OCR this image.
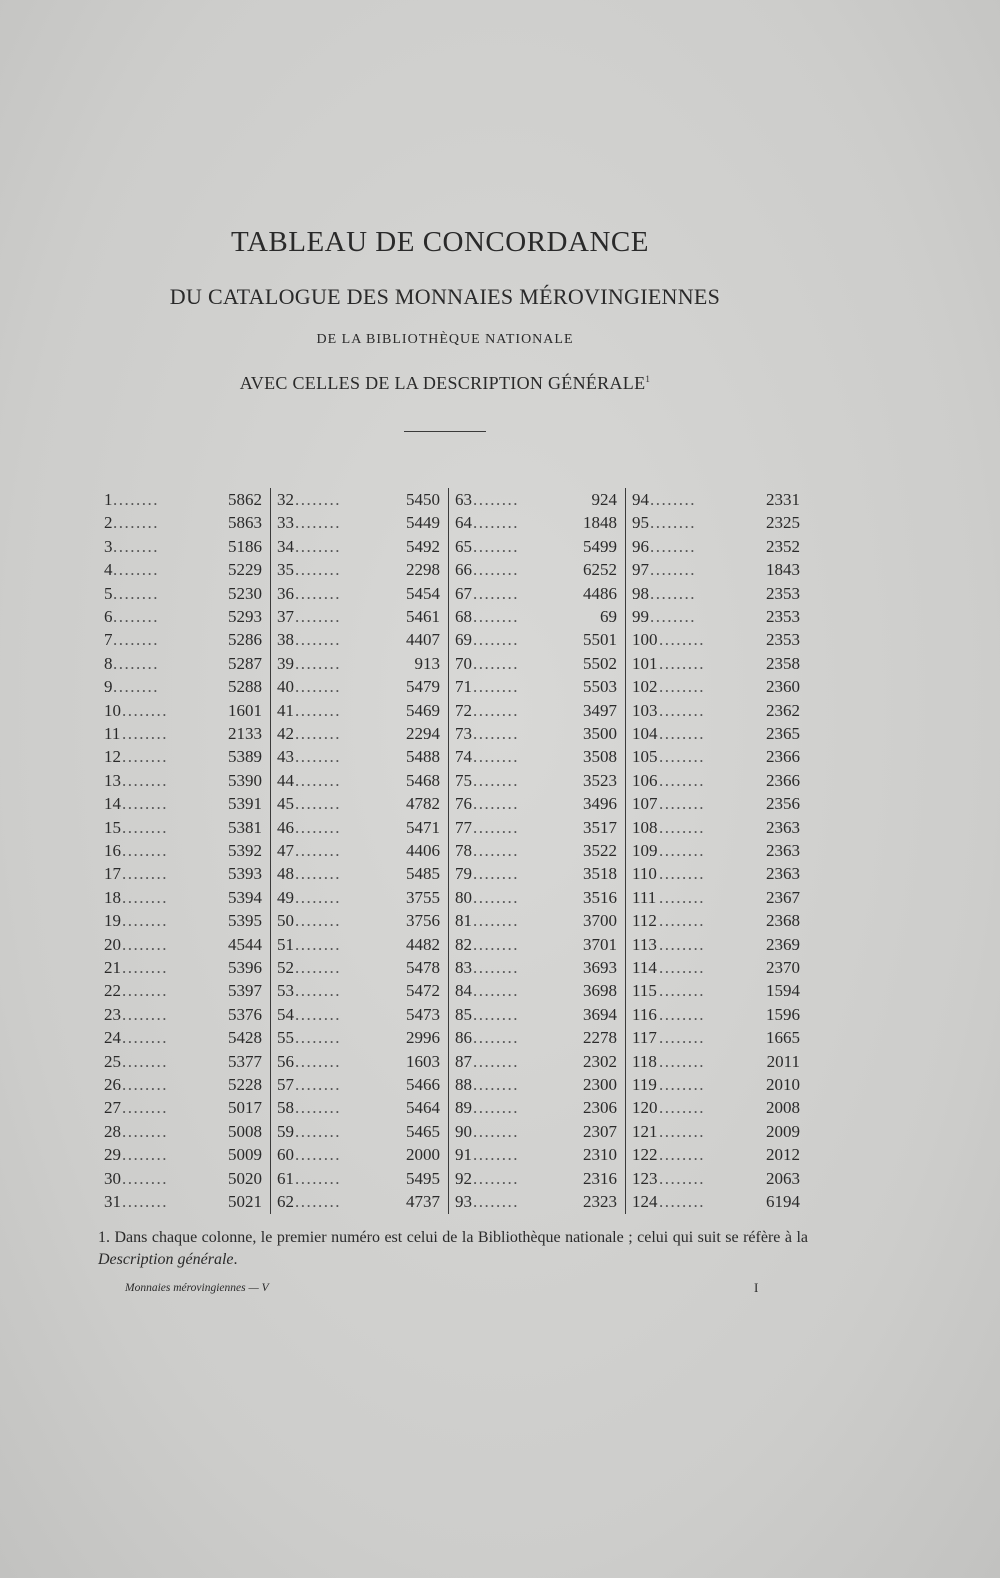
TABLEAU DE CONCORDANCE
DU CATALOGUE DES MONNAIES MÉROVINGIENNES
DE LA BIBLIOTHÈQUE NATIONALE
AVEC CELLES DE LA DESCRIPTION GÉNÉRALE$^1$
1 ........	5862
2 ........	5863
3 ........	5186
4 ........	5229
5 ........	5230
6 ........	5293
7 ........	5286
8 ........	5287
9 ........	5288
10 ........	1601
11 ........	2133
12 ........	5389
13 ........	5390
14 ........	5391
15 ........	5381
16 ........	5392
17 ........	5393
18 ........	5394
19 ........	5395
20 ........	4544
21 ........	5396
22 ........	5397
23 ........	5376
24 ........	5428
25 ........	5377
26 ........	5228
27 ........	5017
28 ........	5008
29 ........	5009
30 ........	5020
31 ........	5021
32 ........	5450
33 ........	5449
34 ........	5492
35 ........	2298
36 ........	5454
37 ........	5461
38 ........	4407
39 ........	913
40 ........	5479
41 ........	5469
42 ........	2294
43 ........	5488
44 ........	5468
45 ........	4782
46 ........	5471
47 ........	4406
48 ........	5485
49 ........	3755
50 ........	3756
51 ........	4482
52 ........	5478
53 ........	5472
54 ........	5473
55 ........	2996
56 ........	1603
57 ........	5466
58 ........	5464
59 ........	5465
60 ........	2000
61 ........	5495
62 ........	4737
63 ........	924
64 ........	1848
65 ........	5499
66 ........	6252
67 ........	4486
68 ........	69
69 ........	5501
70 ........	5502
71 ........	5503
72 ........	3497
73 ........	3500
74 ........	3508
75 ........	3523
76 ........	3496
77 ........	3517
78 ........	3522
79 ........	3518
80 ........	3516
81 ........	3700
82 ........	3701
83 ........	3693
84 ........	3698
85 ........	3694
86 ........	2278
87 ........	2302
88 ........	2300
89 ........	2306
90 ........	2307
91 ........	2310
92 ........	2316
93 ........	2323
94 ........	2331
95 ........	2325
96 ........	2352
97 ........	1843
98 ........	2353
99 ........	2353
100 ........	2353
101 ........	2358
102 ........	2360
103 ........	2362
104 ........	2365
105 ........	2366
106 ........	2366
107 ........	2356
108 ........	2363
109 ........	2363
110 ........	2363
111 ........	2367
112 ........	2368
113 ........	2369
114 ........	2370
115 ........	1594
116 ........	1596
117 ........	1665
118 ........	2011
119 ........	2010
120 ........	2008
121 ........	2009
122 ........	2012
123 ........	2063
124 ........	6194
1. Dans chaque colonne, le premier numéro est celui de la Bibliothèque nationale ; celui qui suit se réfère à la Description générale.
Monnaies mérovingiennes — V	I
